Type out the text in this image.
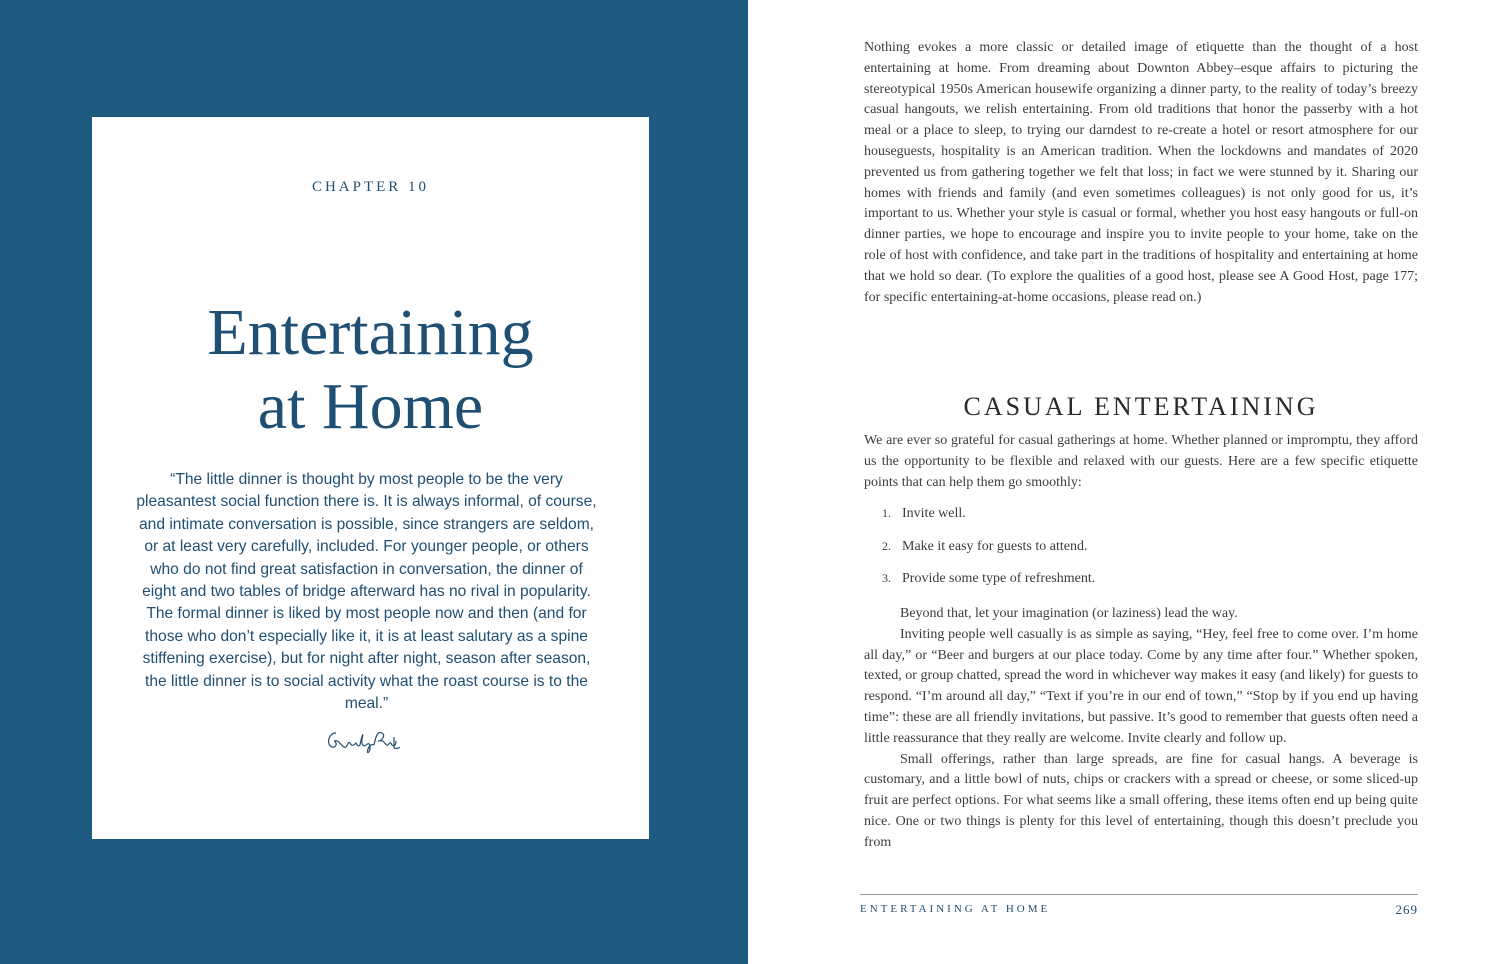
CHAPTER 10
Entertaining
at Home
“The little dinner is thought by most people to be the very pleasantest social function there is. It is always informal, of course, and intimate conversation is possible, since strangers are seldom, or at least very carefully, included. For younger people, or others who do not find great satisfaction in conversation, the dinner of eight and two tables of bridge afterward has no rival in popularity. The formal dinner is liked by most people now and then (and for those who don’t especially like it, it is at least salutary as a spine stiffening exercise), but for night after night, season after season, the little dinner is to social activity what the roast course is to the meal.”

Nothing evokes a more classic or detailed image of etiquette than the thought of a host entertaining at home. From dreaming about Downton Abbey–esque affairs to picturing the stereotypical 1950s American housewife organizing a dinner party, to the reality of today’s breezy casual hangouts, we relish entertaining. From old traditions that honor the passerby with a hot meal or a place to sleep, to trying our darndest to re-create a hotel or resort atmosphere for our houseguests, hospitality is an American tradition. When the lockdowns and mandates of 2020 prevented us from gathering together we felt that loss; in fact we were stunned by it. Sharing our homes with friends and family (and even sometimes colleagues) is not only good for us, it’s important to us. Whether your style is casual or formal, whether you host easy hangouts or full-on dinner parties, we hope to encourage and inspire you to invite people to your home, take on the role of host with confidence, and take part in the traditions of hospitality and entertaining at home that we hold so dear. (To explore the qualities of a good host, please see A Good Host, page 177; for specific entertaining-at-home occasions, please read on.)

CASUAL ENTERTAINING

We are ever so grateful for casual gatherings at home. Whether planned or impromptu, they afford us the opportunity to be flexible and relaxed with our guests. Here are a few specific etiquette points that can help them go smoothly:

1. Invite well.
2. Make it easy for guests to attend.
3. Provide some type of refreshment.

Beyond that, let your imagination (or laziness) lead the way.

Inviting people well casually is as simple as saying, “Hey, feel free to come over. I’m home all day,” or “Beer and burgers at our place today. Come by any time after four.” Whether spoken, texted, or group chatted, spread the word in whichever way makes it easy (and likely) for guests to respond. “I’m around all day,” “Text if you’re in our end of town,” “Stop by if you end up having time”: these are all friendly invitations, but passive. It’s good to remember that guests often need a little reassurance that they really are welcome. Invite clearly and follow up.

Small offerings, rather than large spreads, are fine for casual hangs. A beverage is customary, and a little bowl of nuts, chips or crackers with a spread or cheese, or some sliced-up fruit are perfect options. For what seems like a small offering, these items often end up being quite nice. One or two things is plenty for this level of entertaining, though this doesn’t preclude you from

ENTERTAINING AT HOME	269
